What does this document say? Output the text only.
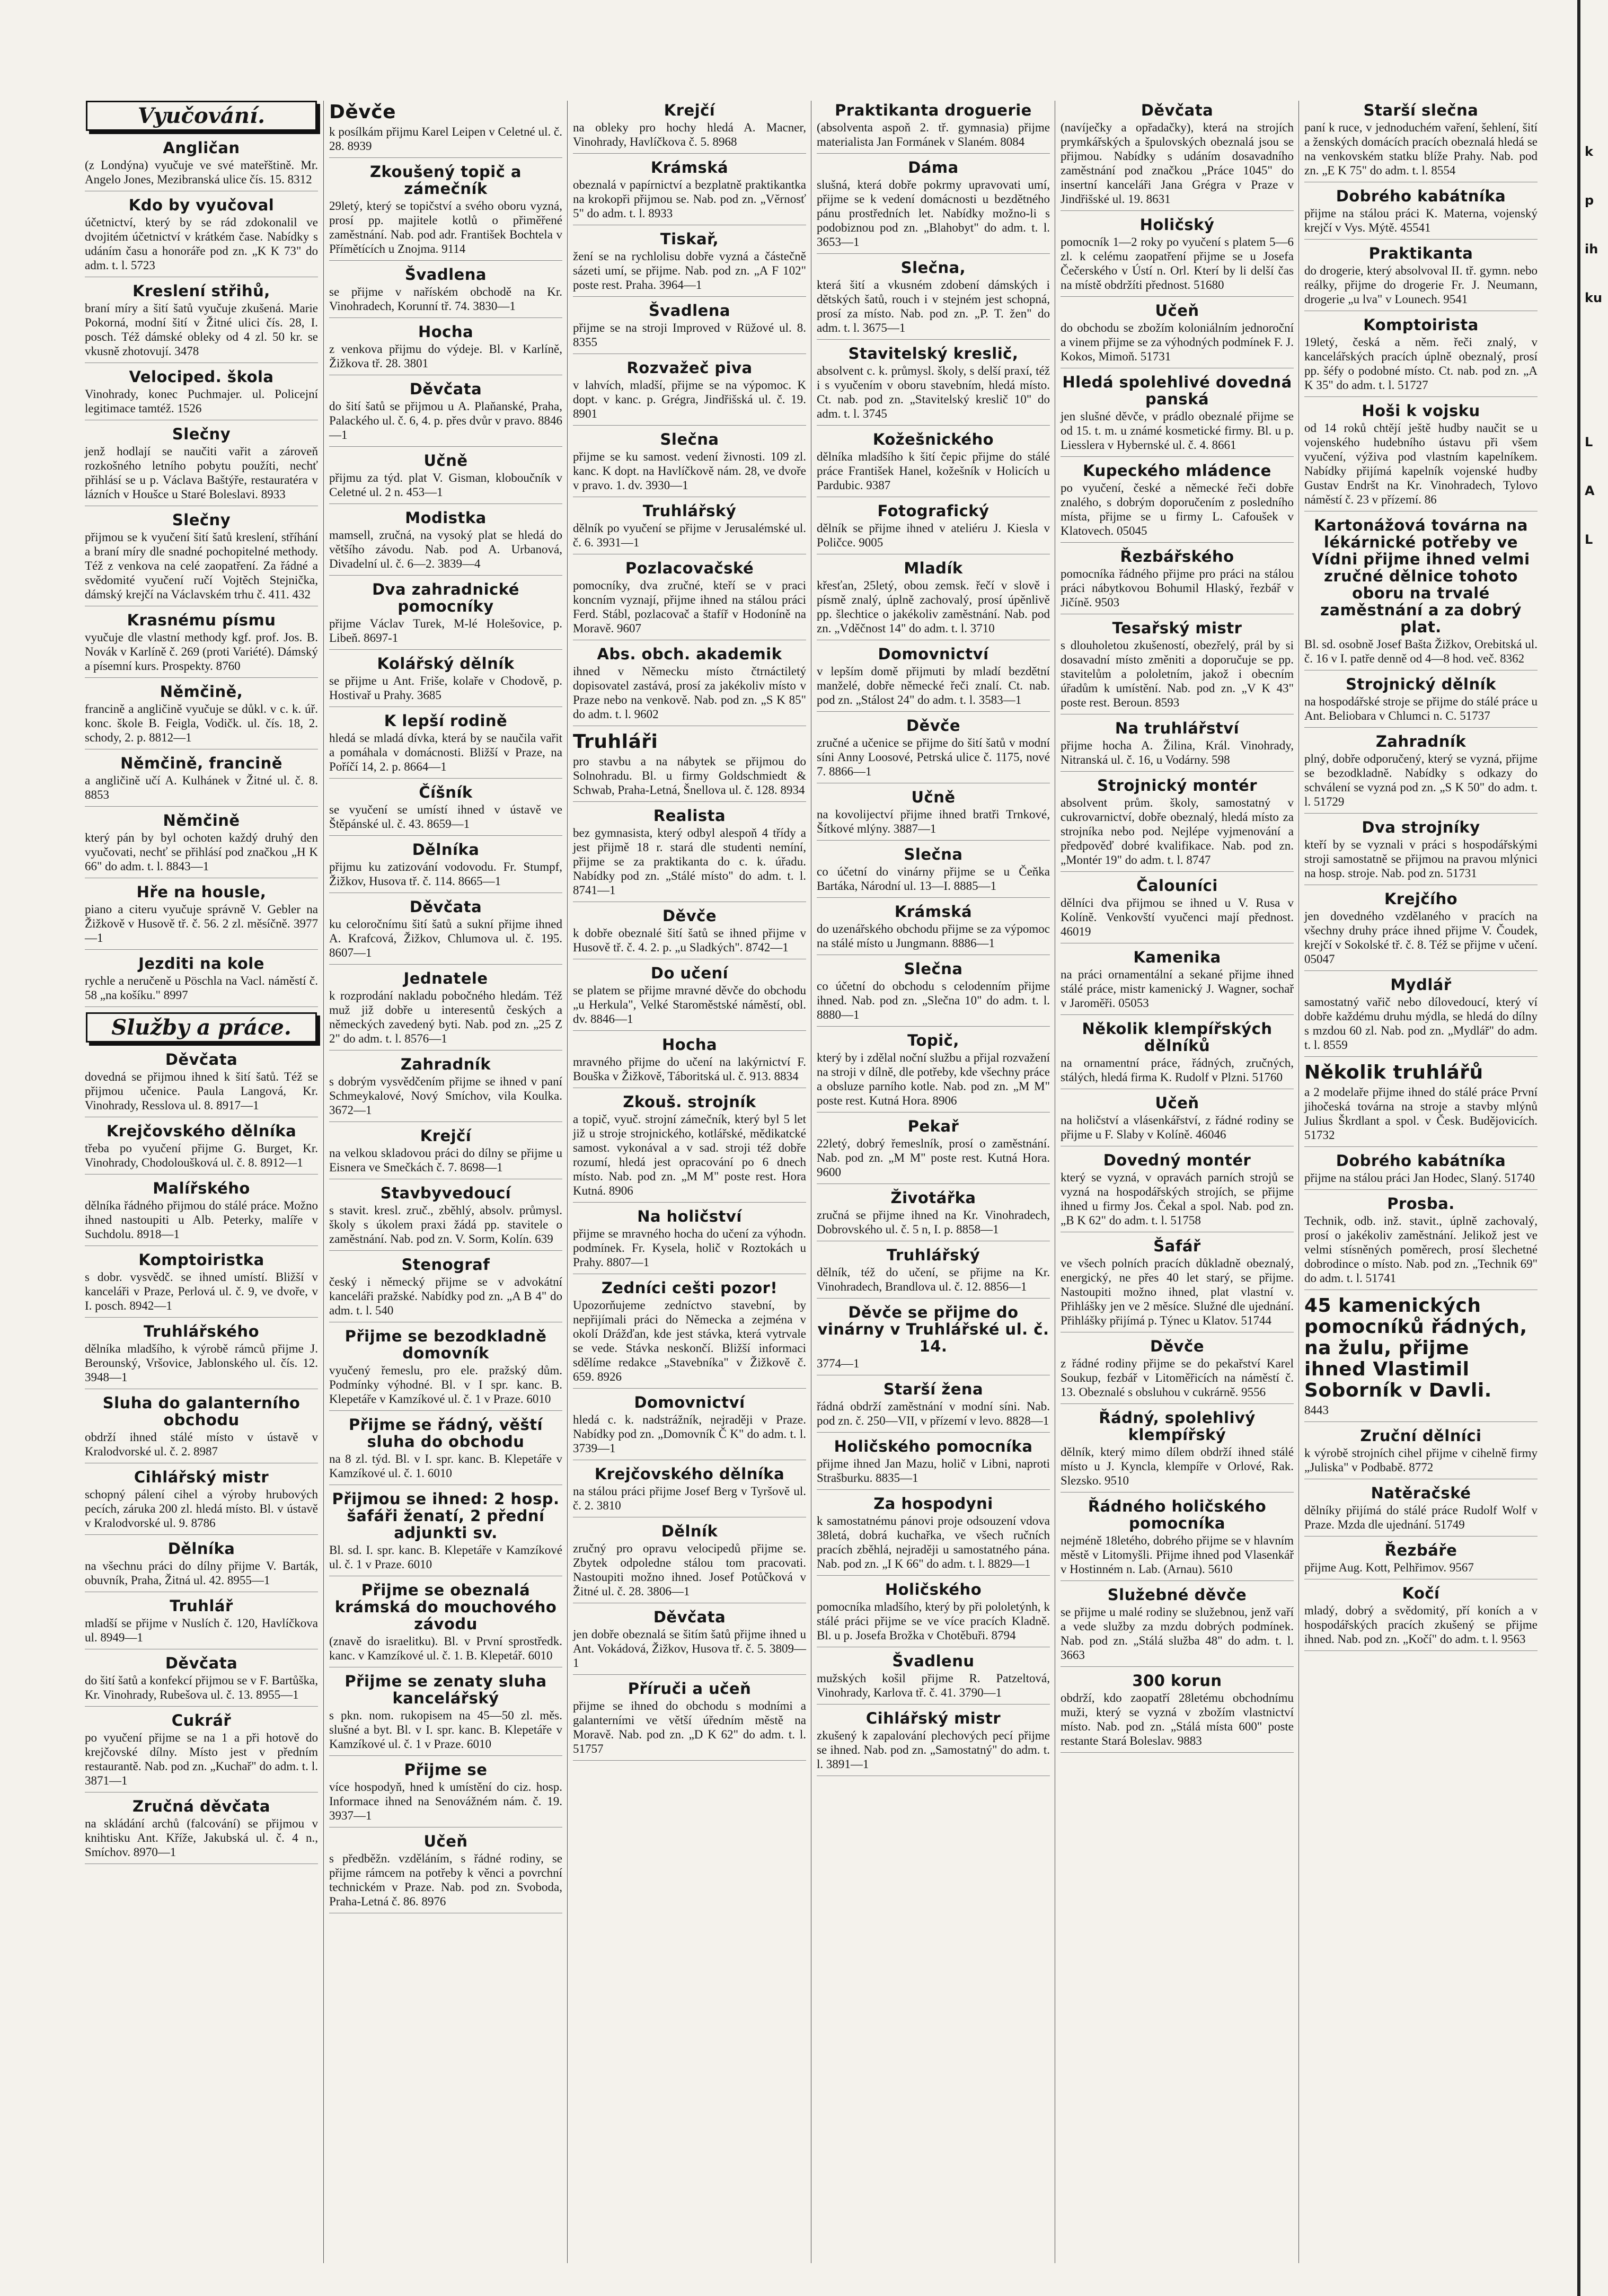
Vyučování.
Angličan

(z Londýna) vyučuje ve své mateřštině. Mr. Angelo Jones, Mezibranská ulice čís. 15. 8312

Kdo by vyučoval

účetnictví, který by se rád zdokonalil ve dvojitém účetnictví v krátkém čase. Nabídky s udáním času a honoráře pod zn. „K K 73" do adm. t. l. 5723

Kreslení střihů,

braní míry a šití šatů vyučuje zkušená. Marie Pokorná, modní šití v Žitné ulici čís. 28, I. posch. Též dámské obleky od 4 zl. 50 kr. se vkusně zhotovují. 3478

Velociped. škola

Vinohrady, konec Puchmajer. ul. Policejní legitimace tamtéž. 1526

Slečny

jenž hodlají se naučiti vařit a zároveň rozkošného letního pobytu použíti, nechť přihlásí se u p. Václava Baštýře, restauratéra v lázních v Houšce u Staré Boleslavi. 8933

Slečny

přijmou se k vyučení šití šatů kreslení, stříhání a braní míry dle snadné pochopitelné methody. Též z venkova na celé zaopatření. Za řádné a svědomité vyučení ručí Vojtěch Stejnička, dámský krejčí na Václavském trhu č. 411. 432

Krasnému písmu

vyučuje dle vlastní methody kgf. prof. Jos. B. Novák v Karlíně č. 269 (proti Variété). Dámský a písemní kurs. Prospekty. 8760

Němčině,

francině a angličině vyučuje se důkl. v c. k. úř. konc. škole B. Feigla, Vodičk. ul. čís. 18, 2. schody, 2. p. 8812—1

Němčině, francině

a angličině učí A. Kulhánek v Žitné ul. č. 8. 8853

Němčině

který pán by byl ochoten každý druhý den vyučovati, nechť se přihlásí pod značkou „H K 66" do adm. t. l. 8843—1

Hře na housle,

piano a citeru vyučuje správně V. Gebler na Žižkově v Husově tř. č. 56. 2 zl. měsíčně. 3977—1

Jezditi na kole

rychle a neručeně u Pöschla na Vacl. náměstí č. 58 „na košíku." 8997

Služby a práce.
Děvčata

dovedná se přijmou ihned k šití šatů. Též se přijmou učenice. Paula Langová, Kr. Vinohrady, Resslova ul. 8. 8917—1

Krejčovského dělníka

třeba po vyučení přijme G. Burget, Kr. Vinohrady, Chodoloušková ul. č. 8. 8912—1

Malířského

dělníka řádného přijmou do stálé práce. Možno ihned nastoupiti u Alb. Peterky, malíře v Suchdolu. 8918—1

Komptoiristka

s dobr. vysvědč. se ihned umístí. Bližší v kanceláři v Praze, Perlová ul. č. 9, ve dvoře, v I. posch. 8942—1

Truhlářského

dělníka mladšího, k výrobě rámců přijme J. Berounský, Vršovice, Jablonského ul. čís. 12. 3948—1

Sluha do galanterního obchodu

obdrží ihned stálé místo v ústavě v Kralodvorské ul. č. 2. 8987

Cihlářský mistr

schopný pálení cihel a výroby hrubových pecích, záruka 200 zl. hledá místo. Bl. v ústavě v Kralodvorské ul. 9. 8786

Dělníka

na všechnu práci do dílny přijme V. Barták, obuvník, Praha, Žitná ul. 42. 8955—1

Truhlář

mladší se přijme v Nuslích č. 120, Havlíčkova ul. 8949—1

Děvčata

do šití šatů a konfekcí přijmou se v F. Bartůška, Kr. Vinohrady, Rubešova ul. č. 13. 8955—1

Cukrář

po vyučení přijme se na 1 a při hotově do krejčovské dílny. Místo jest v předním restaurantě. Nab. pod zn. „Kuchař" do adm. t. l. 3871—1

Zručná děvčata

na skládání archů (falcování) se přijmou v knihtisku Ant. Kříže, Jakubská ul. č. 4 n., Smíchov. 8970—1

Děvče

k posílkám přijmu Karel Leipen v Celetné ul. č. 28. 8939

Zkoušený topič a zámečník

29letý, který se topičství a svého oboru vyzná, prosí pp. majitele kotlů o přiměřené zaměstnání. Nab. pod adr. František Bochtela v Přímětících u Znojma. 9114

Švadlena

se přijme v naříském obchodě na Kr. Vinohradech, Korunní tř. 74. 3830—1

Hocha

z venkova přijmu do výdeje. Bl. v Karlíně, Žižkova tř. 28. 3801

Děvčata

do šití šatů se přijmou u A. Plaňanské, Praha, Palackého ul. č. 6, 4. p. přes dvůr v pravo. 8846—1

Učně

přijmu za týd. plat V. Gisman, kloboučník v Celetné ul. 2 n. 453—1

Modistka

mamsell, zručná, na vysoký plat se hledá do většího závodu. Nab. pod A. Urbanová, Divadelní ul. č. 6—2. 3839—4

Dva zahradnické pomocníky

přijme Václav Turek, M-lé Holešovice, p. Libeň. 8697-1

Kolářský dělník

se přijme u Ant. Friše, kolaře v Chodově, p. Hostivař u Prahy. 3685

K lepší rodině

hledá se mladá dívka, která by se naučila vařit a pomáhala v domácnosti. Bližší v Praze, na Poříčí 14, 2. p. 8664—1

Číšník

se vyučení se umístí ihned v ústavě ve Štěpánské ul. č. 43. 8659—1

Dělníka

přijmu ku zatizování vodovodu. Fr. Stumpf, Žižkov, Husova tř. č. 114. 8665—1

Děvčata

ku celoročnímu šití šatů a sukní přijme ihned A. Krafcová, Žižkov, Chlumova ul. č. 195. 8607—1

Jednatele

k rozprodání nakladu pobočného hledám. Též muž již dobře u interesentů českých a německých zavedený byti. Nab. pod zn. „25 Z 2" do adm. t. l. 8576—1

Zahradník

s dobrým vysvědčením přijme se ihned v paní Schmeykalové, Nový Smíchov, vila Koulka. 3672—1

Krejčí

na velkou skladovou práci do dílny se přijme u Eisnera ve Smečkách č. 7. 8698—1

Stavbyvedoucí

s stavit. kresl. zruč., zběhlý, absolv. průmysl. školy s úkolem praxi žádá pp. stavitele o zaměstnání. Nab. pod zn. V. Sorm, Kolín. 639

Stenograf

český i německý přijme se v advokátní kanceláři pražské. Nabídky pod zn. „A B 4" do adm. t. l. 540

Přijme se bezodkladně domovník

vyučený řemeslu, pro ele. pražský dům. Podmínky výhodné. Bl. v I spr. kanc. B. Klepetáře v Kamzíkové ul. č. 1 v Praze. 6010

Přijme se řádný, věští sluha do obchodu

na 8 zl. týd. Bl. v I. spr. kanc. B. Klepetáře v Kamzíkové ul. č. 1. 6010

Přijmou se ihned: 2 hosp. šafáři ženatí, 2 přední adjunkti sv.

Bl. sd. I. spr. kanc. B. Klepetáře v Kamzíkové ul. č. 1 v Praze. 6010

Přijme se obeznalá krámská do mouchového závodu

(znavě do israelitku). Bl. v První sprostředk. kanc. v Kamzíkové ul. č. 1. B. Klepetář. 6010

Přijme se zenaty sluha kancelářský

s pkn. nom. rukopisem na 45—50 zl. měs. slušné a byt. Bl. v I. spr. kanc. B. Klepetáře v Kamzíkové ul. č. 1 v Praze. 6010

Přijme se

více hospodyň, hned k umístění do ciz. hosp. Informace ihned na Senovážném nám. č. 19. 3937—1

Učeň

s předběžn. vzděláním, s řádné rodiny, se přijme rámcem na potřeby k věnci a povrchní technickém v Praze. Nab. pod zn. Svoboda, Praha-Letná č. 86. 8976

Krejčí

na obleky pro hochy hledá A. Macner, Vinohrady, Havlíčkova č. 5. 8968

Krámská

obeznalá v papírnictví a bezplatně praktikantka na krokopři přijmou se. Nab. pod zn. „Věrnosť 5" do adm. t. l. 8933

Tiskař,

žení se na rychlolisu dobře vyzná a částečně sázeti umí, se přijme. Nab. pod zn. „A F 102" poste rest. Praha. 3964—1

Švadlena

přijme se na stroji Improved v Rüžové ul. 8. 8355

Rozvažeč piva

v lahvích, mladší, přijme se na výpomoc. K dopt. v kanc. p. Grégra, Jindřišská ul. č. 19. 8901

Slečna

přijme se ku samost. vedení živnosti. 109 zl. kanc. K dopt. na Havlíčkově nám. 28, ve dvoře v pravo. 1. dv. 3930—1

Truhlářský

dělník po vyučení se přijme v Jerusalémské ul. č. 6. 3931—1

Pozlacovačské

pomocníky, dva zručné, kteří se v praci koncním vyznají, přijme ihned na stálou práci Ferd. Stábl, pozlacovač a štafíř v Hodoníně na Moravě. 9607

Abs. obch. akademik

ihned v Německu místo čtrnáctiletý dopisovatel zastává, prosí za jakékoliv místo v Praze nebo na venkově. Nab. pod zn. „S K 85" do adm. t. l. 9602

Truhláři

pro stavbu a na nábytek se přijmou do Solnohradu. Bl. u firmy Goldschmiedt & Schwab, Praha-Letná, Šnellova ul. č. 128. 8934

Realista

bez gymnasista, který odbyl alespoň 4 třídy a jest přijmě 18 r. stará dle studenti nemíní, přijme se za praktikanta do c. k. úřadu. Nabídky pod zn. „Stálé místo" do adm. t. l. 8741—1

Děvče

k dobře obeznalé šití šatů se ihned přijme v Husově tř. č. 4. 2. p. „u Sladkých". 8742—1

Do učení

se platem se přijme mravné děvče do obchodu „u Herkula", Velké Staroměstské náměstí, obl. dv. 8846—1

Hocha

mravného přijme do učení na lakýrnictví F. Bouška v Žižkově, Táboritská ul. č. 913. 8834

Zkouš. strojník

a topič, vyuč. strojní zámečník, který byl 5 let již u stroje strojnického, kotlářské, mědikatcké samost. vykonával a v sad. stroji též dobře rozumí, hledá jest opracování po 6 dnech místo. Nab. pod zn. „M M" poste rest. Hora Kutná. 8906

Na holičství

přijme se mravného hocha do učení za výhodn. podmínek. Fr. Kysela, holič v Roztokách u Prahy. 8807—1

Zedníci cešti pozor!

Upozorňujeme zedníctvo stavební, by nepřijímali práci do Německa a zejména v okolí Drážďan, kde jest stávka, která vytrvale se vede. Stávka neskončí. Bližší informaci sdělíme redakce „Stavebníka" v Žižkově č. 659. 8926

Domovnictví

hledá c. k. nadstrážník, nejraději v Praze. Nabídky pod zn. „Domovník Č K" do adm. t. l. 3739—1

Krejčovského dělníka

na stálou práci přijme Josef Berg v Tyršově ul. č. 2. 3810

Dělník

zručný pro opravu velocipedů přijme se. Zbytek odpoledne stálou tom pracovati. Nastoupiti možno ihned. Josef Potůčková v Žitné ul. č. 28. 3806—1

Děvčata

jen dobře obeznalá se šitím šatů přijme ihned u Ant. Vokádová, Žižkov, Husova tř. č. 5. 3809—1

Příruči a učeň

přijme se ihned do obchodu s modními a galanterními ve větší úředním městě na Moravě. Nab. pod zn. „D K 62" do adm. t. l. 51757

Praktikanta droguerie

(absolventa aspoň 2. tř. gymnasia) přijme materialista Jan Formánek v Slaném. 8084

Dáma

slušná, která dobře pokrmy upravovati umí, přijme se k vedení domácnosti u bezdětného pánu prostředních let. Nabídky možno-li s podobiznou pod zn. „Blahobyt" do adm. t. l. 3653—1

Slečna,

která šití a vkusném zdobení dámských i dětských šatů, rouch i v stejném jest schopná, prosí za místo. Nab. pod zn. „P. T. žen" do adm. t. l. 3675—1

Stavitelský kreslič,

absolvent c. k. průmysl. školy, s delší praxí, též i s vyučením v oboru stavebním, hledá místo. Ct. nab. pod zn. „Stavitelský kreslič 10" do adm. t. l. 3745

Kožešnického

dělníka mladšího k šití čepic přijme do stálé práce František Hanel, kožešník v Holicích u Pardubic. 9387

Fotografický

dělník se přijme ihned v ateliéru J. Kiesla v Poličce. 9005

Mladík

křesťan, 25letý, obou zemsk. řečí v slově i písmě znalý, úplně zachovalý, prosí úpěnlivě pp. šlechtice o jakékoliv zaměstnání. Nab. pod zn. „Vděčnost 14" do adm. t. l. 3710

Domovnictví

v lepším domě přijmuti by mladí bezdětní manželé, dobře německé řeči znalí. Ct. nab. pod zn. „Stálost 24" do adm. t. l. 3583—1

Děvče

zručné a učenice se přijme do šití šatů v modní síni Anny Loosové, Petrská ulice č. 1175, nové 7. 8866—1

Učně

na kovolijectví přijme ihned bratři Trnkové, Šítkové mlýny. 3887—1

Slečna

co účetní do vinárny přijme se u Čeňka Bartáka, Národní ul. 13—I. 8885—1

Krámská

do uzenářského obchodu přijme se za výpomoc na stálé místo u Jungmann. 8886—1

Slečna

co účetní do obchodu s celodenním přijme ihned. Nab. pod zn. „Slečna 10" do adm. t. l. 8880—1

Topič,

který by i zdělal noční službu a přijal rozvažení na stroji v dílně, dle potřeby, kde všechny práce a obsluze parního kotle. Nab. pod zn. „M M" poste rest. Kutná Hora. 8906

Pekař

22letý, dobrý řemeslník, prosí o zaměstnání. Nab. pod zn. „M M" poste rest. Kutná Hora. 9600

Životářka

zručná se přijme ihned na Kr. Vinohradech, Dobrovského ul. č. 5 n, I. p. 8858—1

Truhlářský

dělník, též do učení, se přijme na Kr. Vinohradech, Brandlova ul. č. 12. 8856—1

Děvče se přijme do vinárny v Truhlářské ul. č. 14.

3774—1

Starší žena

řádná obdrží zaměstnání v modní síni. Nab. pod zn. č. 250—VII, v přízemí v levo. 8828—1

Holičského pomocníka

přijme ihned Jan Mazu, holič v Libni, naproti Strašburku. 8835—1

Za hospodyni

k samostatnému pánovi proje odsouzení vdova 38letá, dobrá kuchařka, ve všech ručních pracích zběhlá, nejraději u samostatného pána. Nab. pod zn. „I K 66" do adm. t. l. 8829—1

Holičského

pomocníka mladšího, který by při pololetýnh, k stálé práci přijme se ve více pracích Kladně. Bl. u p. Josefa Brožka v Chotěbuři. 8794

Švadlenu

mužských košil přijme R. Patzeltová, Vinohrady, Karlova tř. č. 41. 3790—1

Cihlářský mistr

zkušený k zapalování plechových pecí přijme se ihned. Nab. pod zn. „Samostatný" do adm. t. l. 3891—1

Děvčata

(navíječky a opřadačky), která na strojích prymkářských a špulovských obeznalá jsou se přijmou. Nabídky s udáním dosavadního zaměstnání pod značkou „Práce 1045" do insertní kanceláři Jana Grégra v Praze v Jindřišské ul. 19. 8631

Holičský

pomocník 1—2 roky po vyučení s platem 5—6 zl. k celému zaopatření přijme se u Josefa Čečerského v Ústí n. Orl. Kterí by li delší čas na místě obdržíti přednost. 51680

Učeň

do obchodu se zbožím koloniálním jednoroční a vinem přijme se za výhodných podmínek F. J. Kokos, Mimoň. 51731

Hledá spolehlivé dovedná panská

jen slušné děvče, v prádlo obeznalé přijme se od 15. t. m. u známé kosmetické firmy. Bl. u p. Liesslera v Hybernské ul. č. 4. 8661

Kupeckého mládence

po vyučení, české a německé řeči dobře znalého, s dobrým doporučením z posledního místa, přijme se u firmy L. Cafoušek v Klatovech. 05045

Řezbářského

pomocníka řádného přijme pro práci na stálou práci nábytkovou Bohumil Hlaský, řezbář v Jičíně. 9503

Tesařský mistr

s dlouholetou zkušeností, obezřelý, prál by si dosavadní místo změniti a doporučuje se pp. stavitelům a pololetním, jakož i obecním úřadům k umístění. Nab. pod zn. „V K 43" poste rest. Beroun. 8593

Na truhlářství

přijme hocha A. Žilina, Král. Vinohrady, Nitranská ul. č. 16, u Vodárny. 598

Strojnický montér

absolvent prům. školy, samostatný v cukrovarnictví, dobře obeznalý, hledá místo za strojníka nebo pod. Nejlépe vyjmenování a předpověď dobré kvalifikace. Nab. pod zn. „Montér 19" do adm. t. l. 8747

Čalouníci

dělníci dva přijmou se ihned u V. Rusa v Kolíně. Venkovští vyučenci mají přednost. 46019

Kamenika

na práci ornamentální a sekané přijme ihned stálé práce, mistr kamenický J. Wagner, sochař v Jaroměři. 05053

Několik klempířských dělníků

na ornamentní práce, řádných, zručných, stálých, hledá firma K. Rudolf v Plzni. 51760

Učeň

na holičství a vlásenkářství, z řádné rodiny se přijme u F. Slaby v Kolíně. 46046

Dovedný montér

který se vyzná, v opravách parních strojů se vyzná na hospodářských strojích, se přijme ihned u firmy Jos. Čekal a spol. Nab. pod zn. „B K 62" do adm. t. l. 51758

Šafář

ve všech polních pracích důkladně obeznalý, energický, ne přes 40 let starý, se přijme. Nastoupiti možno ihned, plat vlastní v. Přihlášky jen ve 2 měsíce. Služné dle ujednání. Přihlášky přijímá p. Týnec u Klatov. 51744

Děvče

z řádné rodiny přijme se do pekařství Karel Soukup, fezbář v Litoměřicích na náměstí č. 13. Obeznalé s obsluhou v cukrárně. 9556

Řádný, spolehlivý klempířský

dělník, který mimo dílem obdrží ihned stálé místo u J. Kyncla, klempíře v Orlové, Rak. Slezsko. 9510

Řádného holičského pomocníka

nejméně 18letého, dobrého přijme se v hlavním městě v Litomyšli. Přijme ihned pod Vlasenkář v Hostinném n. Lab. (Arnau). 5610

Služebné děvče

se přijme u malé rodiny se služebnou, jenž vaří a vede služby za mzdu dobrých podmínek. Nab. pod zn. „Stálá služba 48" do adm. t. l. 3663

300 korun

obdrží, kdo zaopatří 28letému obchodnímu muži, který se vyzná v zbožím vlastnictví místo. Nab. pod zn. „Stálá místa 600" poste restante Stará Boleslav. 9883

Starší slečna

paní k ruce, v jednoduchém vaření, šehlení, šití a ženských domácích pracích obeznalá hledá se na venkovském statku blíže Prahy. Nab. pod zn. „E K 75" do adm. t. l. 8554

Dobrého kabátníka

přijme na stálou práci K. Materna, vojenský krejčí v Vys. Mýtě. 45541

Praktikanta

do drogerie, který absolvoval II. tř. gymn. nebo reálky, přijme do drogerie Fr. J. Neumann, drogerie „u lva" v Lounech. 9541

Komptoiristа

19letý, česká a něm. řeči znalý, v kancelářských pracích úplně obeznalý, prosí pp. šéfy o podobné místo. Ct. nab. pod zn. „A K 35" do adm. t. l. 51727

Hoši k vojsku

od 14 roků chtějí ještě hudby naučit se u vojenského hudebního ústavu při všem vyučení, výživa pod vlastním kapelníkem. Nabídky přijímá kapelník vojenské hudby Gustav Endršt na Kr. Vinohradech, Tylovo náměstí č. 23 v přízemí. 86

Kartonážová továrna na lékárnické potřeby ve Vídni přijme ihned velmi zručné dělnice tohoto oboru na trvalé zaměstnání a za dobrý plat.

Bl. sd. osobně Josef Bašta Žižkov, Orebitská ul. č. 16 v I. patře denně od 4—8 hod. več. 8362

Strojnický dělník

na hospodářské stroje se přijme do stálé práce u Ant. Beliobara v Chlumci n. C. 51737

Zahradník

plný, dobře odporučený, který se vyzná, přijme se bezodkladně. Nabídky s odkazy do schválení se vyzná pod zn. „S K 50" do adm. t. l. 51729

Dva strojníky

kteří by se vyznali v práci s hospodářskými stroji samostatně se přijmou na pravou mlýnici na hosp. stroje. Nab. pod zn. 51731

Krejčího

jen dovedného vzdělaného v pracích na všechny druhy práce ihned přijme V. Čoudek, krejčí v Sokolské tř. č. 8. Též se přijme v učení. 05047

Mydlář

samostatný vařič nebo dílovedoucí, který ví dobře každému druhu mýdla, se hledá do dílny s mzdou 60 zl. Nab. pod zn. „Mydlář" do adm. t. l. 8559

Několik truhlářů

a 2 modelaře přijme ihned do stálé práce První jihočeská továrna na stroje a stavby mlýnů Julius Škrdlant a spol. v Česk. Budějovicích. 51732

Dobrého kabátníka

přijme na stálou práci Jan Hodec, Slaný. 51740

Prosba.

Technik, odb. inž. stavit., úplně zachovalý, prosí o jakékoliv zaměstnání. Jelikož jest ve velmi stísněných poměrech, prosí šlechetné dobrodince o místo. Nab. pod zn. „Technik 69" do adm. t. l. 51741

45 kamenických pomocníků řádných, na žulu, přijme ihned Vlastimil Soborník v Davli.

8443

Zruční dělníci

k výrobě strojních cihel přijme v cihelně firmy „Juliska" v Podbabě. 8772

Natěračské

dělníky přijímá do stálé práce Rudolf Wolf v Praze. Mzda dle ujednání. 51749

Řezbáře

přijme Aug. Kott, Pelhřimov. 9567

Kočí

mladý, dobrý a svědomitý, pří koních a v hospodářských pracích zkušený se přijme ihned. Nab. pod zn. „Kočí" do adm. t. l. 9563

k
p
ih
ku
L
A
L
